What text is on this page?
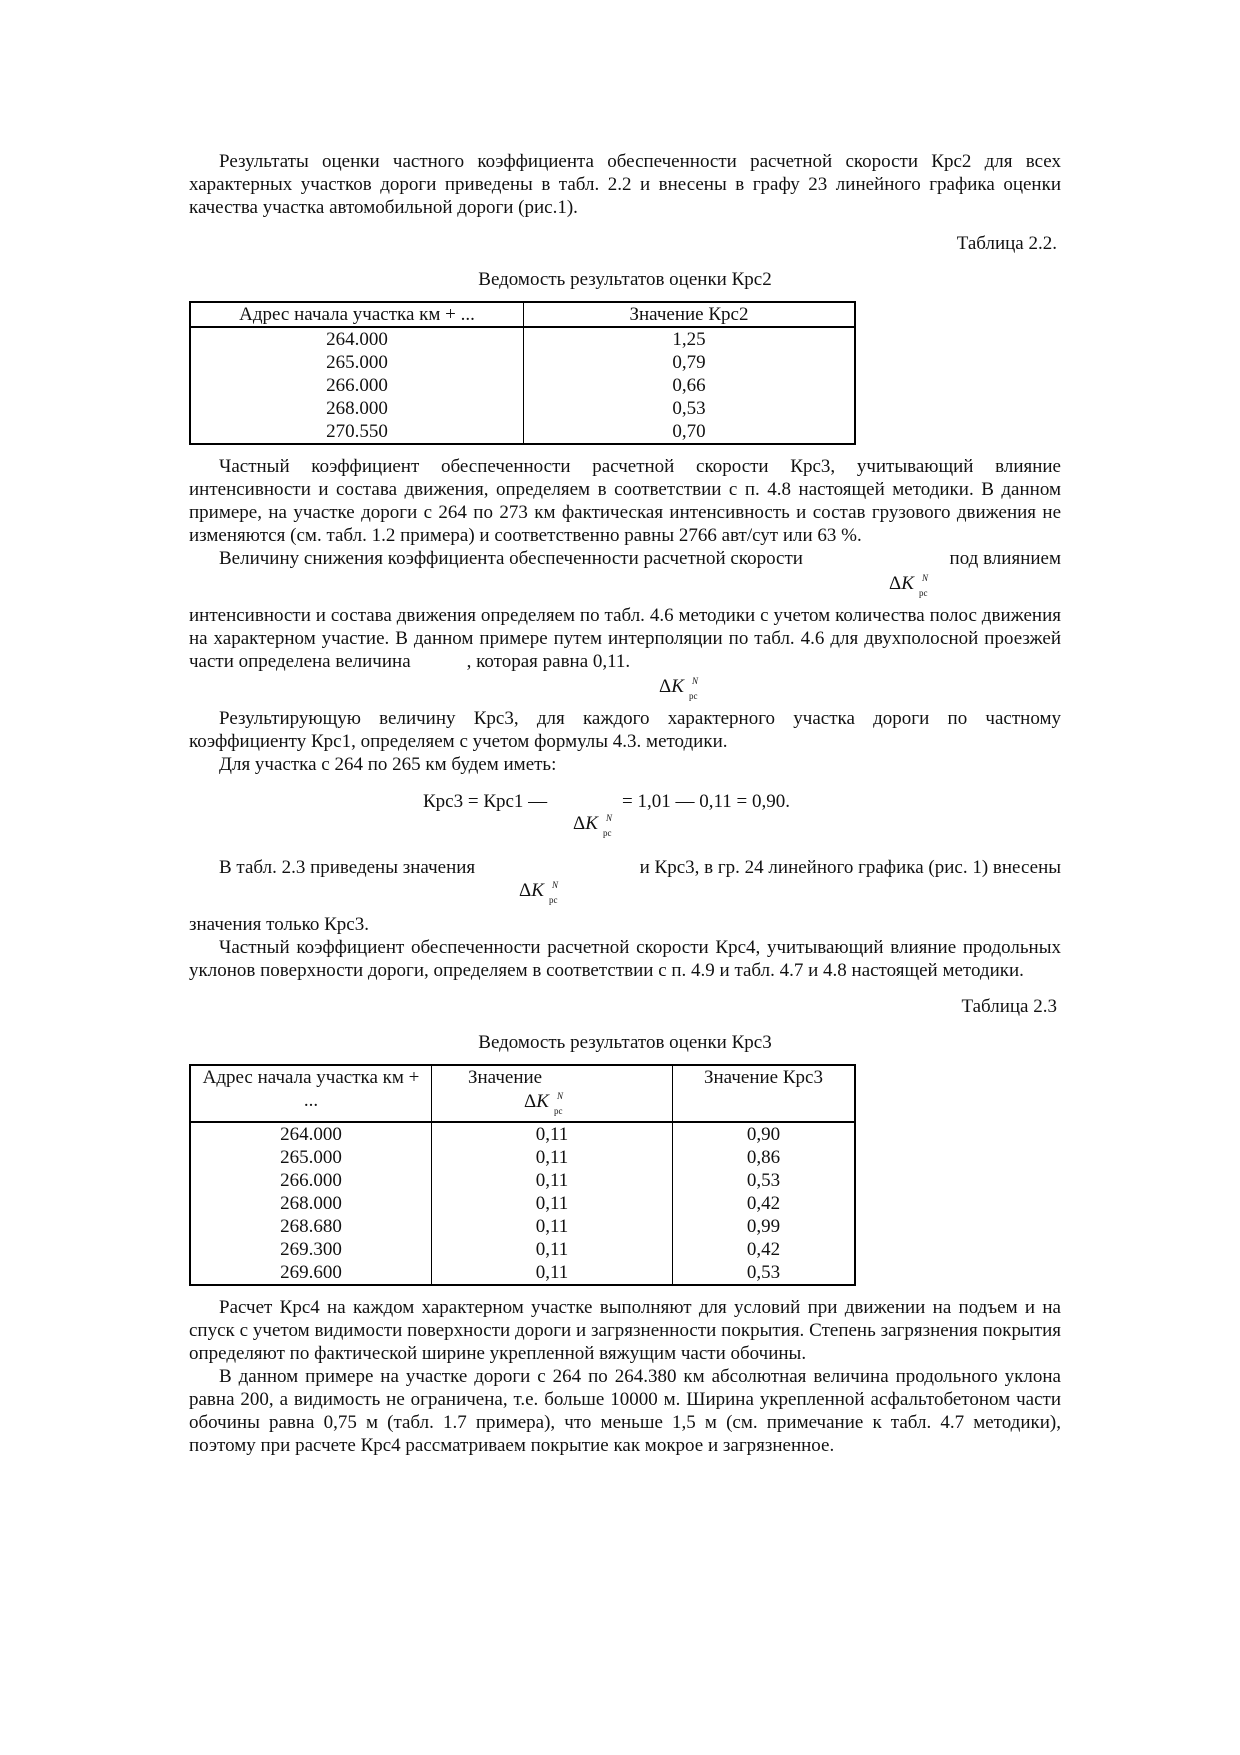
Результаты оценки частного коэффициента обеспеченности расчетной скорости Крс2 для всех характерных участков дороги приведены в табл. 2.2 и внесены в графу 23 линейного графика оценки качества участка автомобильной дороги (рис.1).

Таблица 2.2.

Ведомость результатов оценки Крс2

Адрес начала участка км + ...	Значение Крс2
264.000	1,25
265.000	0,79
266.000	0,66
268.000	0,53
270.550	0,70

Частный коэффициент обеспеченности расчетной скорости Крс3, учитывающий влияние интенсивности и состава движения, определяем в соответствии с п. 4.8 настоящей методики. В данном примере, на участке дороги с 264 по 273 км фактическая интенсивность и состав грузового движения не изменяются (см. табл. 1.2 примера) и соответственно равны 2766 авт/сут или 63 %.

Величину снижения коэффициента обеспеченности расчетной скорости	под влиянием

ΔK N
рс

интенсивности и состава движения определяем по табл. 4.6 методики с учетом количества полос движения на характерном участие. В данном примере путем интерполяции по табл. 4.6 для двухполосной проезжей части определена величина	, которая равна 0,11.

ΔK N
рс

Результирующую величину Крс3, для каждого характерного участка дороги по частному коэффициенту Крс1, определяем с учетом формулы 4.3. методики.

Для участка с 264 по 265 км будем иметь:

Крс3 = Крс1 —	= 1,01 — 0,11 = 0,90.
ΔK N
рс
В табл. 2.3 приведены значения	и Крс3, в гр. 24 линейного графика (рис. 1) внесены
ΔK N
рс

значения только Крс3.

Частный коэффициент обеспеченности расчетной скорости Крс4, учитывающий влияние продольных уклонов поверхности дороги, определяем в соответствии с п. 4.9 и табл. 4.7 и 4.8 настоящей методики.

Таблица 2.3

Ведомость результатов оценки Крс3

Адрес начала участка км + ...	Значение
ΔK N
рс	Значение Крс3
264.000	0,11	0,90
265.000	0,11	0,86
266.000	0,11	0,53
268.000	0,11	0,42
268.680	0,11	0,99
269.300	0,11	0,42
269.600	0,11	0,53

Расчет Крс4 на каждом характерном участке выполняют для условий при движении на подъем и на спуск с учетом видимости поверхности дороги и загрязненности покрытия. Степень загрязнения покрытия определяют по фактической ширине укрепленной вяжущим части обочины.

В данном примере на участке дороги с 264 по 264.380 км абсолютная величина продольного уклона равна 200, а видимость не ограничена, т.е. больше 10000 м. Ширина укрепленной асфальтобетоном части обочины равна 0,75 м (табл. 1.7 примера), что меньше 1,5 м (см. примечание к табл. 4.7 методики), поэтому при расчете Крс4 рассматриваем покрытие как мокрое и загрязненное.
